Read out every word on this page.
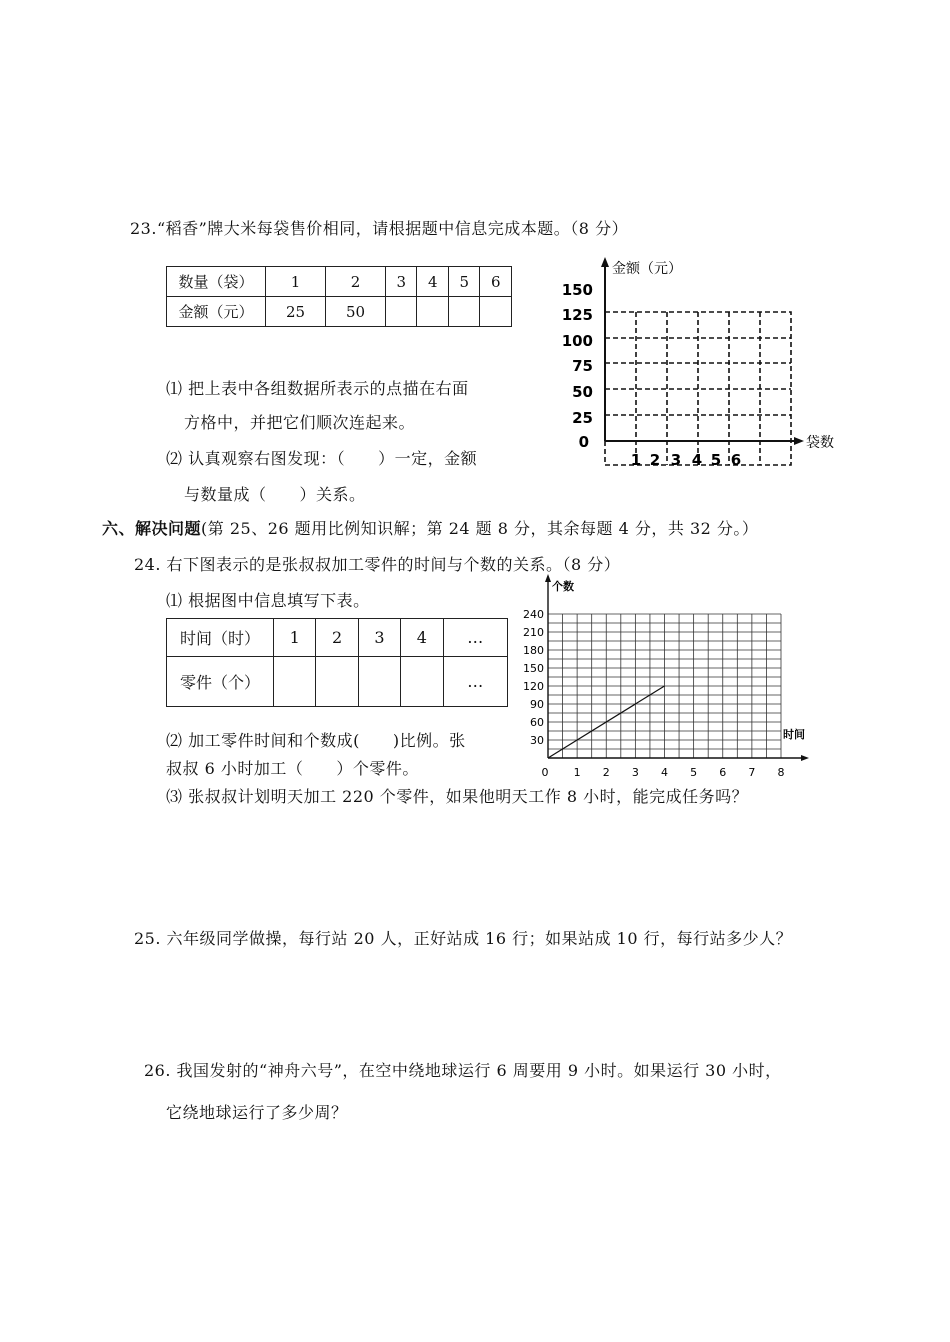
23.“稻香”牌大米每袋售价相同，请根据题中信息完成本题。（8 分）
数量（袋）	1	2	3	4	5	6
金额（元）	25	50				
⑴ 把上表中各组数据所表示的点描在右面
方格中，并把它们顺次连起来。
⑵ 认真观察右图发现：（　　）一定，金额
与数量成（　　）关系。
金额（元）
袋数
150
125
100
75
50
25
0
1 2 3 4 5 6
六、解决问题(第 25、26 题用比例知识解；第 24 题 8 分，其余每题 4 分，共 32 分。）
24. 右下图表示的是张叔叔加工零件的时间与个数的关系。（8 分）
⑴ 根据图中信息填写下表。
时间（时）	1	2	3	4	…
零件（个）					…
⑵ 加工零件时间和个数成(　　)比例。张
叔叔 6 小时加工（　　）个零件。
⑶ 张叔叔计划明天加工 220 个零件，如果他明天工作 8 小时，能完成任务吗？
个数
时间
30
60
90
120
150
180
210
240
0 1 2 3 4 5 6 7 8
25. 六年级同学做操，每行站 20 人，正好站成 16 行；如果站成 10 行，每行站多少人？
26. 我国发射的“神舟六号”，在空中绕地球运行 6 周要用 9 小时。如果运行 30 小时，
它绕地球运行了多少周？
